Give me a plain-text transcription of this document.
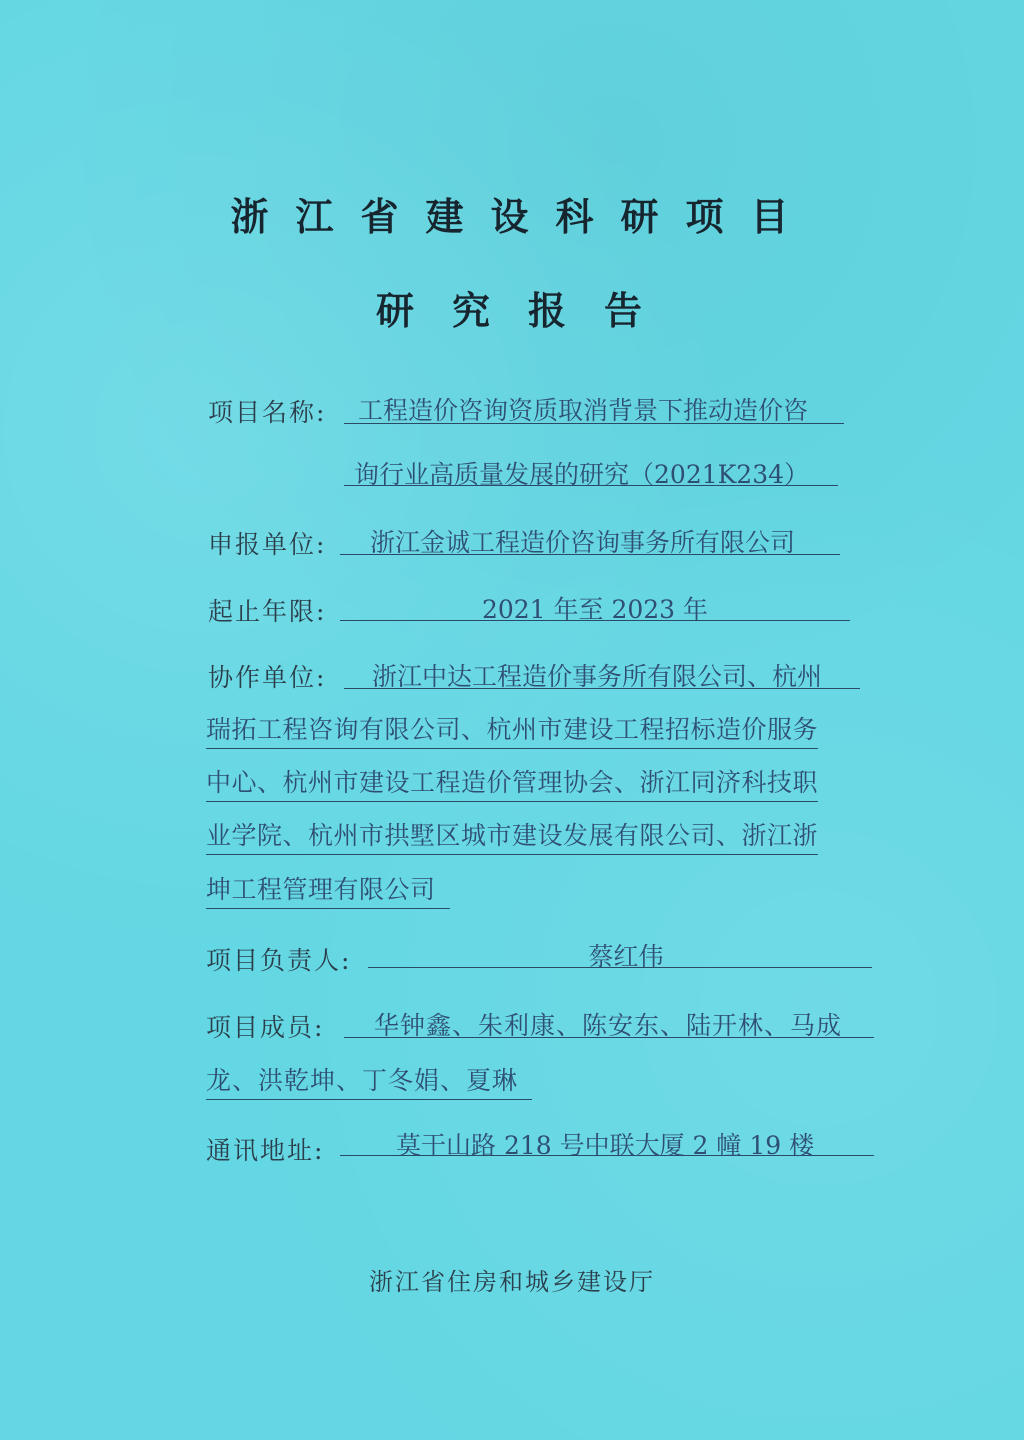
浙江省建设科研项目
研究报告
项目名称: 工程造价咨询资质取消背景下推动造价咨
询行业高质量发展的研究（2021K234）
申报单位: 浙江金诚工程造价咨询事务所有限公司
起止年限:	2021 年至 2023 年
协作单位: 浙江中达工程造价事务所有限公司、杭州
瑞拓工程咨询有限公司、杭州市建设工程招标造价服务
中心、杭州市建设工程造价管理协会、浙江同济科技职
业学院、杭州市拱墅区城市建设发展有限公司、浙江浙
坤工程管理有限公司
项目负责人:	蔡红伟
项目成员: 华钟鑫、朱利康、陈安东、陆开林、马成
龙、洪乾坤、丁冬娟、夏琳
通讯地址:	莫干山路 218 号中联大厦 2 幢 19 楼
浙江省住房和城乡建设厅
